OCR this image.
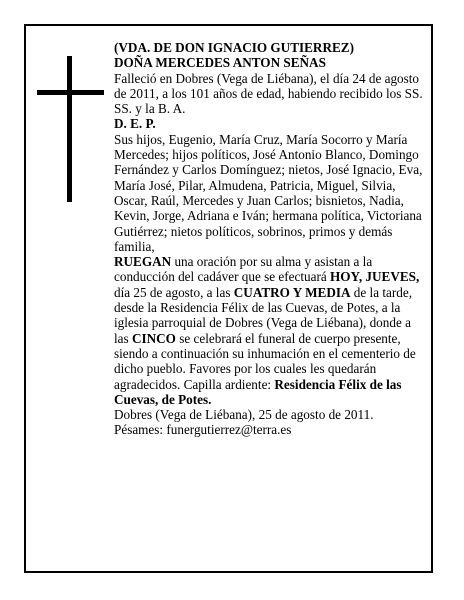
(VDA. DE DON IGNACIO GUTIERREZ)

DOÑA MERCEDES ANTON SEÑAS

Falleció en Dobres (Vega de Liébana), el día 24 de agosto de 2011, a los 101 años de edad, habiendo recibido los SS. SS. y la B. A.

D. E. P.

Sus hijos, Eugenio, María Cruz, María Socorro y María Mercedes; hijos políticos, José Antonio Blanco, Domingo Fernández y Carlos Domínguez; nietos, José Ignacio, Eva, María José, Pilar, Almudena, Patricia, Miguel, Silvia, Oscar, Raúl, Mercedes y Juan Carlos; bisnietos, Nadia, Kevin, Jorge, Adriana e Iván; hermana política, Victoriana Gutiérrez; nietos políticos, sobrinos, primos y demás familia,

RUEGAN una oración por su alma y asistan a la conducción del cadáver que se efectuará HOY, JUEVES, día 25 de agosto, a las CUATRO Y MEDIA de la tarde, desde la Residencia Félix de las Cuevas, de Potes, a la iglesia parroquial de Dobres (Vega de Liébana), donde a las CINCO se celebrará el funeral de cuerpo presente, siendo a continuación su inhumación en el cementerio de dicho pueblo. Favores por los cuales les quedarán agradecidos. Capilla ardiente: Residencia Félix de las Cuevas, de Potes.

Dobres (Vega de Liébana), 25 de agosto de 2011.

Pésames: funergutierrez@terra.es
